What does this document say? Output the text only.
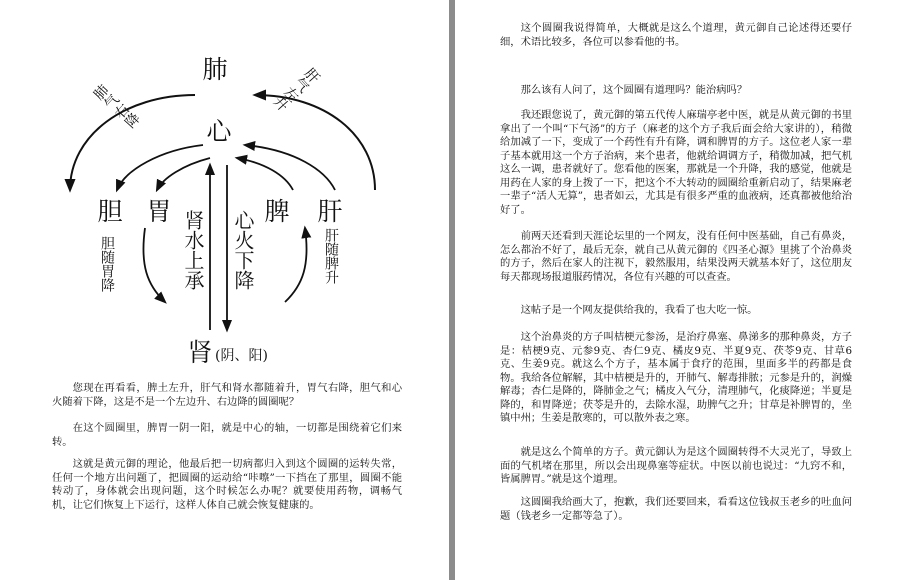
肺
心
胆 胃	脾 肝
肾 (阴、阳)
肺气右降	肝气左升
肾水上承 心火下降
胆随胃降	肝随脾升

您现在再看看，脾土左升，肝气和肾水都随着升，胃气右降，胆气和心火随着下降，这是不是一个左边升、右边降的圆圈呢？

在这个圆圈里，脾胃一阴一阳，就是中心的轴，一切都是围绕着它们来转。

这就是黄元御的理论，他最后把一切病都归入到这个圆圈的运转失常，任何一个地方出问题了，把圆圈的运动给“咔嚓”一下挡在了那里，圆圈不能转动了，身体就会出现问题，这个时候怎么办呢？就要使用药物，调畅气机，让它们恢复上下运行，这样人体自己就会恢复健康的。

这个圆圈我说得简单，大概就是这么个道理，黄元御自己论述得还要仔细，术语比较多，各位可以参看他的书。

那么该有人问了，这个圆圈有道理吗？能治病吗？

我还跟您说了，黄元御的第五代传人麻瑞亭老中医，就是从黄元御的书里拿出了一个叫“下气汤”的方子（麻老的这个方子我后面会给大家讲的），稍微给加减了一下，变成了一个药性有升有降，调和脾胃的方子。这位老人家一辈子基本就用这一个方子治病，来个患者，他就给调调方子，稍微加减，把气机这么一调，患者就好了。您看他的医案，那就是一个升降，我的感觉，他就是用药在人家的身上拨了一下，把这个不大转动的圆圈给重新启动了，结果麻老一辈子“活人无算”，患者如云，尤其是有很多严重的血液病，还真都被他给治好了。

前两天还看到天涯论坛里的一个网友，没有任何中医基础，自己有鼻炎，怎么都治不好了，最后无奈，就自己从黄元御的《四圣心源》里挑了个治鼻炎的方子，然后在家人的注视下，毅然服用，结果没两天就基本好了，这位朋友每天都现场报道服药情况，各位有兴趣的可以查查。

这帖子是一个网友提供给我的，我看了也大吃一惊。

这个治鼻炎的方子叫桔梗元参汤，是治疗鼻塞、鼻涕多的那种鼻炎，方子是：桔梗9克、元参9克、杏仁9克、橘皮9克、半夏9克、茯苓9克、甘草6克、生姜9克。就这么个方子，基本属于食疗的范围，里面多半的药都是食物。我给各位解解，其中桔梗是升的，开肺气、解毒排脓；元参是升的，润燥解毒；杏仁是降的，降肺金之气；橘皮入气分，清理肺气，化痰降逆；半夏是降的，和胃降逆；茯苓是升的，去除水湿，助脾气之升；甘草是补脾胃的，坐镇中州；生姜是散寒的，可以散外表之寒。

就是这么个简单的方子。黄元御认为是这个圆圈转得不大灵光了，导致上面的气机堵在那里，所以会出现鼻塞等症状。中医以前也说过：“九窍不和，皆属脾胃。”就是这个道理。

这圆圈我给画大了，抱歉，我们还要回来，看看这位钱叔玉老乡的吐血问题（钱老乡一定都等急了）。
